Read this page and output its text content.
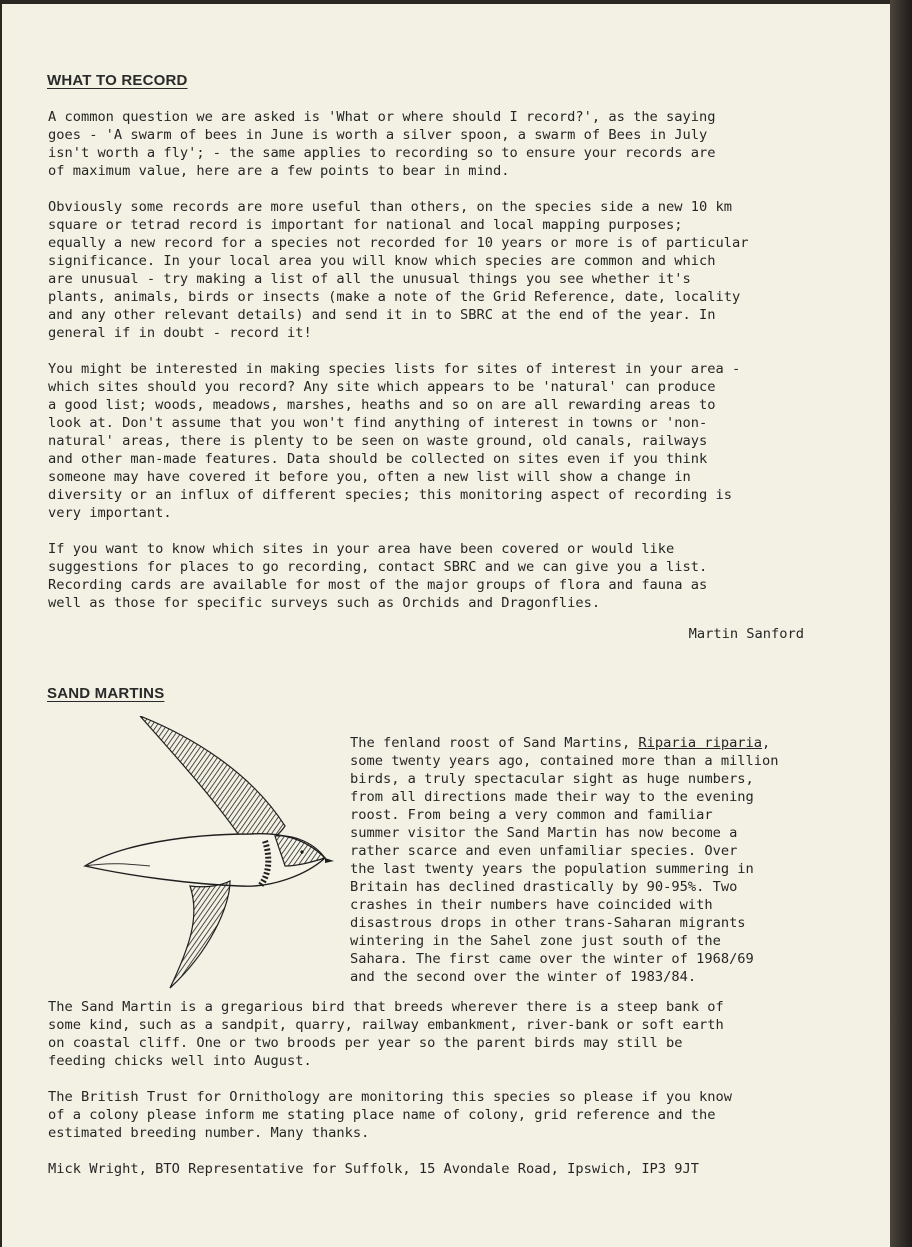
WHAT TO RECORD

A common question we are asked is 'What or where should I record?', as the saying
goes - 'A swarm of bees in June is worth a silver spoon, a swarm of Bees in July
isn't worth a fly'; - the same applies to recording so to ensure your records are
of maximum value, here are a few points to bear in mind.

Obviously some records are more useful than others, on the species side a new 10 km
square or tetrad record is important for national and local mapping purposes;
equally a new record for a species not recorded for 10 years or more is of particular
significance. In your local area you will know which species are common and which
are unusual - try making a list of all the unusual things you see whether it's
plants, animals, birds or insects (make a note of the Grid Reference, date, locality
and any other relevant details) and send it in to SBRC at the end of the year. In
general if in doubt - record it!

You might be interested in making species lists for sites of interest in your area -
which sites should you record? Any site which appears to be 'natural' can produce
a good list; woods, meadows, marshes, heaths and so on are all rewarding areas to
look at. Don't assume that you won't find anything of interest in towns or 'non-
natural' areas, there is plenty to be seen on waste ground, old canals, railways
and other man-made features. Data should be collected on sites even if you think
someone may have covered it before you, often a new list will show a change in
diversity or an influx of different species; this monitoring aspect of recording is
very important.

If you want to know which sites in your area have been covered or would like
suggestions for places to go recording, contact SBRC and we can give you a list.
Recording cards are available for most of the major groups of flora and fauna as
well as those for specific surveys such as Orchids and Dragonflies.

Martin Sanford

SAND MARTINS

The fenland roost of Sand Martins, Riparia riparia,
some twenty years ago, contained more than a million
birds, a truly spectacular sight as huge numbers,
from all directions made their way to the evening
roost. From being a very common and familiar
summer visitor the Sand Martin has now become a
rather scarce and even unfamiliar species. Over
the last twenty years the population summering in
Britain has declined drastically by 90-95%. Two
crashes in their numbers have coincided with
disastrous drops in other trans-Saharan migrants
wintering in the Sahel zone just south of the
Sahara. The first came over the winter of 1968/69
and the second over the winter of 1983/84.

The Sand Martin is a gregarious bird that breeds wherever there is a steep bank of
some kind, such as a sandpit, quarry, railway embankment, river-bank or soft earth
on coastal cliff. One or two broods per year so the parent birds may still be
feeding chicks well into August.

The British Trust for Ornithology are monitoring this species so please if you know
of a colony please inform me stating place name of colony, grid reference and the
estimated breeding number. Many thanks.

Mick Wright, BTO Representative for Suffolk, 15 Avondale Road, Ipswich, IP3 9JT
